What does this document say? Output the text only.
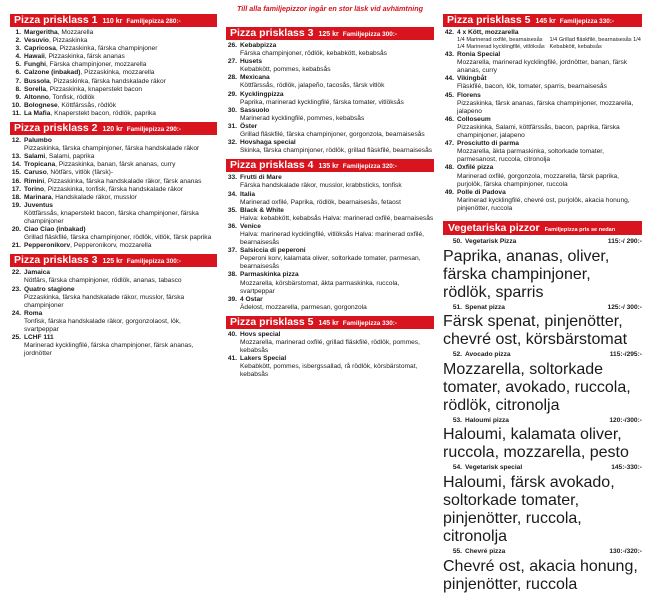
Till alla familjepizzor ingår en stor läsk vid avhämtning
Pizza prisklass 1 110 kr Familjepizza 280:-
1. Margeritha, Mozzarella
2. Vesuvio, Pizzaskinka
3. Capricosa, Pizzaskinka, färska champinjoner
4. Hawaii, Pizzaskinka, färsk ananas
5. Funghi, Färska champinjoner, mozzarella
6. Calzone (inbakad), Pizzaskinka, mozzarella
7. Bussola, Pizzaskinka, färska handskalade räkor
8. Sorella, Pizzaskinka, knaperstekt bacon
9. Altonno, Tonfisk, rödlök
10. Bolognese, Köttfärssås, rödlök
11. La Mafia, Knaperstekt bacon, rödlök, paprika
Pizza prisklass 2 120 kr Familjepizza 290:-
12. Palumbo
Pizzaskinka, färska champinjoner, färska handskalade räkor
13. Salami, Salami, paprika
14. Tropicana, Pizzaskinka, banan, färsk ananas, curry
15. Caruso, Nötfärs, vitlök (färsk)-
16. Rimini, Pizzaskinka, färska handskalade räkor, färsk ananas
17. Torino, Pizzaskinka, tonfisk, färska handskalade räkor
18. Marinara, Handskalade räkor, musslor
19. Juventus
Köttfärssås, knaperstekt bacon, färska champinjoner, färska champinjoner
20. Ciao Ciao (inbakad)
Grillad fläskfilé, färska champinjoner, rödlök, vitlök, färsk paprika
21. Pepperonikorv, Pepperonikorv, mozzarella
Pizza prisklass 3 125 kr Familjepizza 300:-
22. Jamaica
Nötfärs, färska champinjoner, rödlök, ananas, tabasco
23. Quatro stagione
Pizzaskinka, färska handskalade räkor, musslor, färska champinjoner
24. Roma
Tonfisk, färska handskalade räkor, gorgonzolaost, lök, svartpeppar
25. LCHF 111
Marinerad kycklingfilé, färska champinjoner, färsk ananas, jordnötter
Pizza prisklass 3 125 kr Familjepizza 300:-
26. Kebabpizza
Färska champinjoner, rödlök, kebabkött, kebabsås
27. Husets
Kebabkött, pommes, kebabsås
28. Mexicana
Köttfärssås, rödlök, jalapeño, tacosås, färsk vitlök
29. Kycklingpizza
Paprika, marinerad kycklingfilé, färska tomater, vitlöksås
30. Sassuolo
Marinerad kycklingfilé, pommes, kebabsås
31. Öster
Grillad fläskfilé, färska champinjoner, gorgonzola, bearnaisesås
32. Hovshaga special
Skinka, färska champinjoner, rödlök, grillad fläskfilé, bearnaisesås
Pizza prisklass 4 135 kr Familjepizza 320:-
33. Frutti di Mare
Färska handskalade räkor, musslor, krabbsticks, tonfisk
34. Italia
Marinerad oxfilé, Paprika, rödlök, bearnaisesås, fetaost
35. Black & White
Halva: kebabkött, kebabsås Halva: marinerad oxfilé, bearnaisesås
36. Venice
Halva: marinerad kycklingfilé, vitlöksås Halva: marinerad oxfilé, bearnaisesås
37. Salsiccia di peperoni
Peperoni korv, kalamata oliver, soltorkade tomater, parmesan, bearnaisesås
38. Parmaskinka pizza
Mozzarella, körsbärstomat, äkta parmaskinka, ruccola, svartpeppar
39. 4 Ostar
Ädelost, mozzarella, parmesan, gorgonzola
Pizza prisklass 5 145 kr Familjepizza 330:-
40. Hovs special
Mozzarella, marinerad oxfilé, grillad fläskfilé, rödlök, pommes, kebabsås
41. Lakers Special
Kebabkött, pommes, isbergssallad, rå rödlök, körsbärstomat, kebabsås
Pizza prisklass 5 145 kr Familjepizza 330:-
42. 4 x Kött, mozzarella
1/4 Marinerad oxfilé, bearnaisesås 1/4 Marinerad kycklingfilé, vitlöksås
1/4 Grillad fläskfilé, bearnaisesås 1/4 Kebabkött, kebabsås
43. Ronia Special
Mozzarella, marinerad kycklingfilé, jordnötter, banan, färsk ananas, curry
44. Vikingbåt
Fläskfilé, bacon, lök, tomater, sparris, bearnaisesås
45. Florens
Pizzaskinka, färsk ananas, färska champinjoner, mozzarella, jalapeno
46. Colloseum
Pizzaskinka, Salami, köttfärssås, bacon, paprika, färska champinjoner, jalapeno
47. Prosciutto di parma
Mozzarella, äkta parmaskinka, soltorkade tomater, parmesanost, ruccola, citronolja
48. Oxfilé pizza
Marinerad oxfilé, gorgonzola, mozzarella, färsk paprika, purjolök, färska champinjoner, ruccola
49. Polle di Padova
Marinerad kycklingfilé, chevré ost, purjolök, akacia honung, pinjenötter, ruccola
Vegetariska pizzor Familjepizza pris se nedan
50. Vegetarisk Pizza	115:-/ 290:-
Paprika, ananas, oliver, färska champinjoner, rödlök, sparris
51. Spenat pizza	125:-/ 300:-
Färsk spenat, pinjenötter, chevré ost, körsbärstomat
52. Avocado pizza	115:-/295:-
Mozzarella, soltorkade tomater, avokado, ruccola, rödlök, citronolja
53. Haloumi pizza	120:-/300:-
Haloumi, kalamata oliver, ruccola, mozzarella, pesto
54. Vegetarisk special	145:-330:-
Haloumi, färsk avokado, soltorkade tomater, pinjenötter, ruccola, citronolja
55. Chevré pizza	130:-/320:-
Chevré ost, akacia honung, pinjenötter, ruccola
